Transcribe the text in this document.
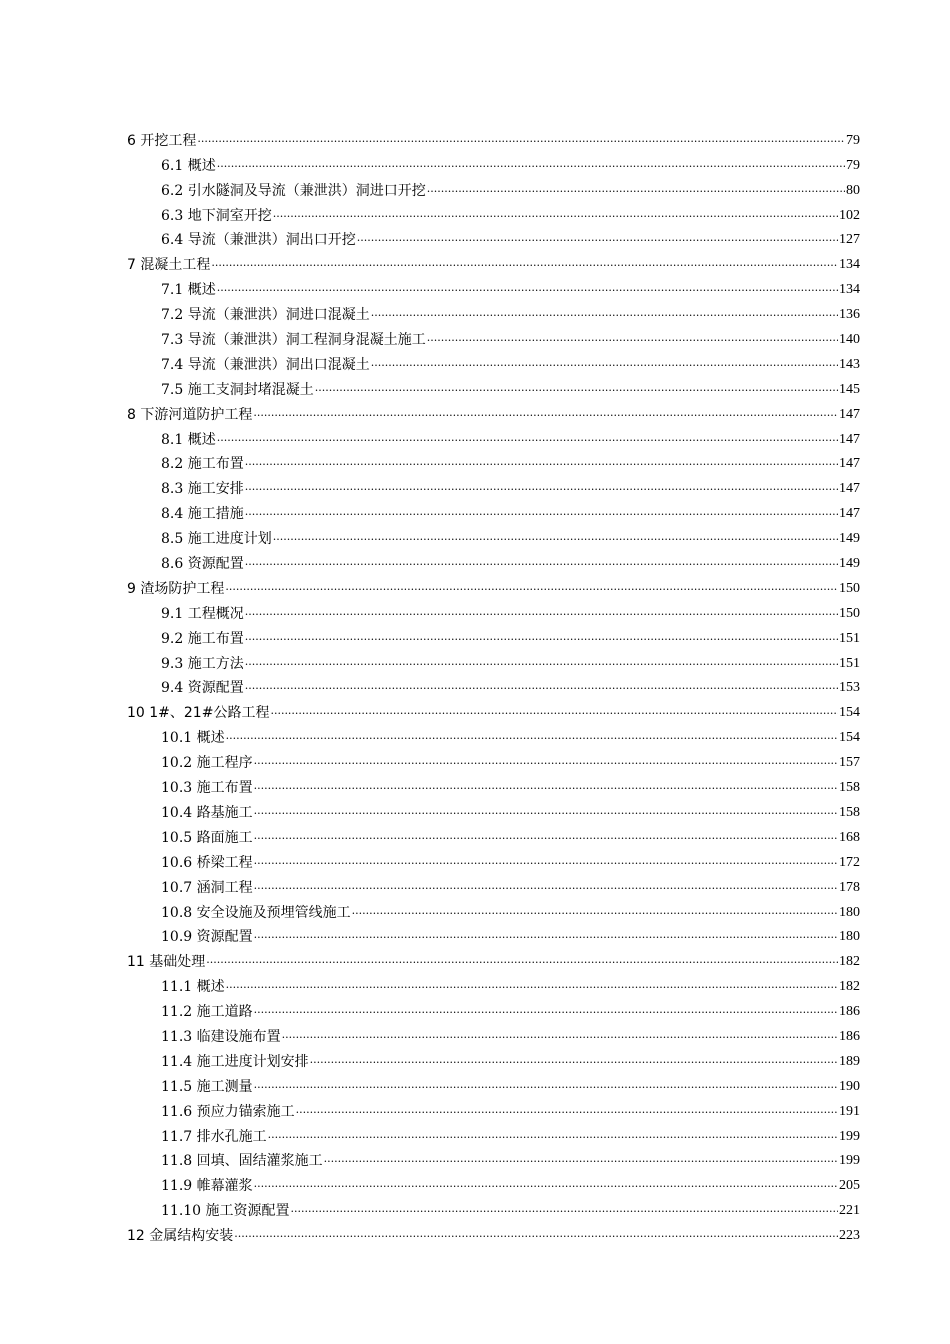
6 开挖工程 .....	79
6.1 概述 .....	79
6.2 引水隧洞及导流（兼泄洪）洞进口开挖 .....	80
6.3 地下洞室开挖 .....	102
6.4 导流（兼泄洪）洞出口开挖 .....	127
7 混凝土工程 .....	134
7.1 概述 .....	134
7.2 导流（兼泄洪）洞进口混凝土 .....	136
7.3 导流（兼泄洪）洞工程洞身混凝土施工 .....	140
7.4 导流（兼泄洪）洞出口混凝土 .....	143
7.5 施工支洞封堵混凝土 .....	145
8 下游河道防护工程 .....	147
8.1 概述 .....	147
8.2 施工布置 .....	147
8.3 施工安排 .....	147
8.4 施工措施 .....	147
8.5 施工进度计划 .....	149
8.6 资源配置 .....	149
9 渣场防护工程 .....	150
9.1 工程概况 .....	150
9.2 施工布置 .....	151
9.3 施工方法 .....	151
9.4 资源配置 .....	153
10 1#、21#公路工程 .....	154
10.1 概述 .....	154
10.2 施工程序 .....	157
10.3 施工布置 .....	158
10.4 路基施工 .....	158
10.5 路面施工 .....	168
10.6 桥梁工程 .....	172
10.7 涵洞工程 .....	178
10.8 安全设施及预埋管线施工 .....	180
10.9 资源配置 .....	180
11 基础处理 .....	182
11.1 概述 .....	182
11.2 施工道路 .....	186
11.3 临建设施布置 .....	186
11.4 施工进度计划安排 .....	189
11.5 施工测量 .....	190
11.6 预应力锚索施工 .....	191
11.7 排水孔施工 .....	199
11.8 回填、固结灌浆施工 .....	199
11.9 帷幕灌浆 .....	205
11.10 施工资源配置 .....	221
12 金属结构安装 .....	223
